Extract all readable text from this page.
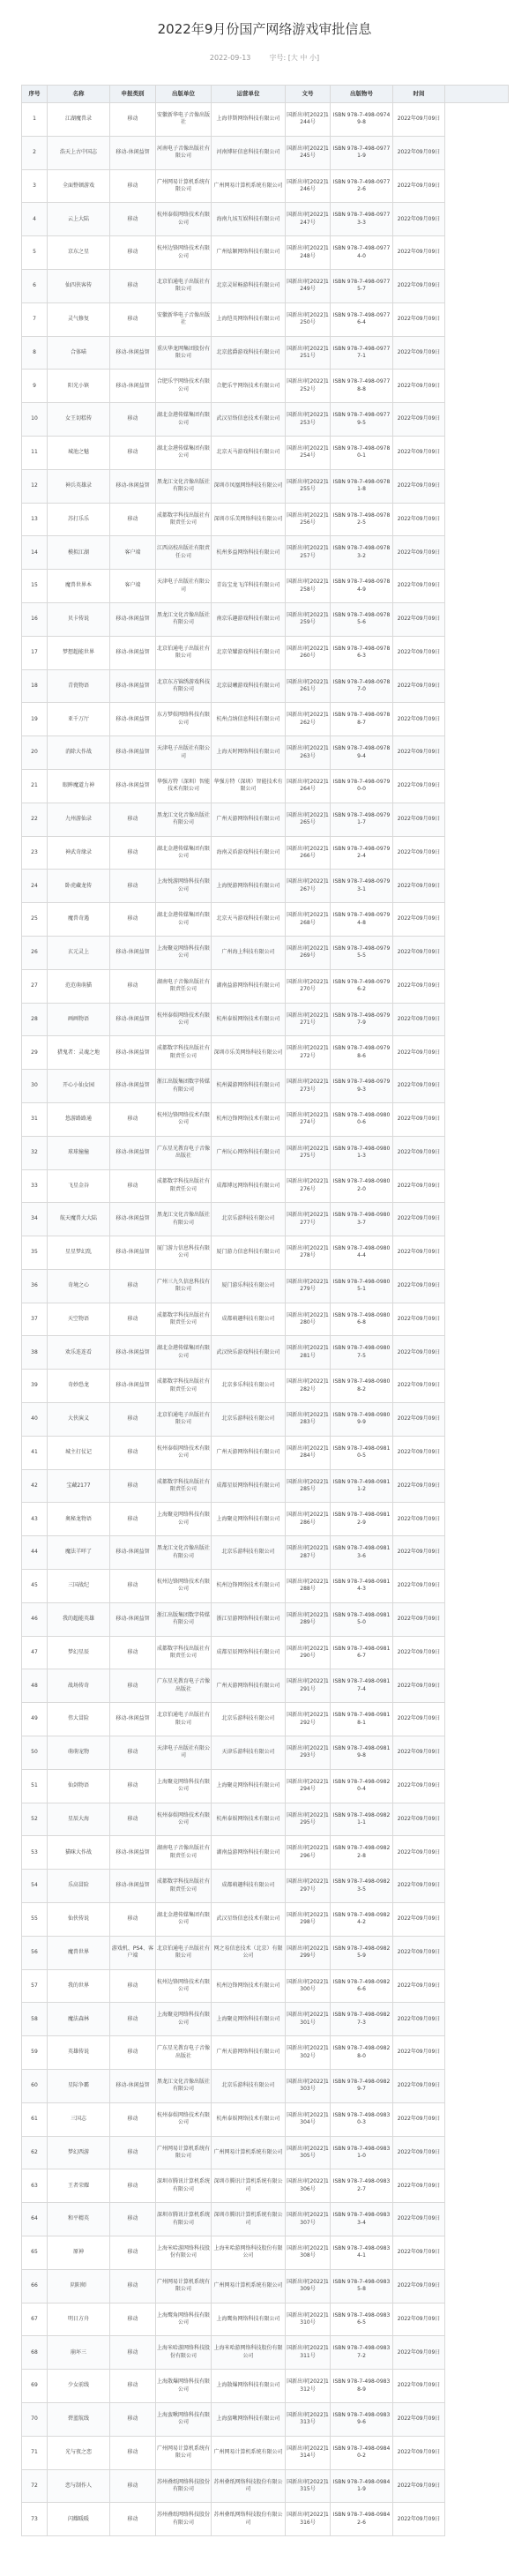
2022年9月份国产网络游戏审批信息
2022-09-13	字号: [大 中 小]
序号	名称	申报类别	出版单位	运营单位	文号	出版物号	时间	
1	江湖魔兽录	移动	安徽新华电子音像出版社	上海菲斯网络科技有限公司	国新出审[2022]1244号	ISBN 978-7-498-09749-8	2022年09月09日	
2	浩天上古中国志	移动-休闲益智	河南电子音像出版社有限公司	河南博轩信息科技有限公司	国新出审[2022]1245号	ISBN 978-7-498-09771-9	2022年09月09日	
3	全面整顿游戏	移动	广州网易计算机系统有限公司	广州网易计算机系统有限公司	国新出审[2022]1246号	ISBN 978-7-498-09772-6	2022年09月09日	
4	云上大陆	移动	杭州泰娱网络技术有限公司	海南九垓互娱科技有限公司	国新出审[2022]1247号	ISBN 978-7-498-09773-3	2022年09月09日	
5	京东之星	移动	杭州边锋网络技术有限公司	广州炫颖网络科技有限公司	国新出审[2022]1248号	ISBN 978-7-498-09774-0	2022年09月09日	
6	仙四侠客传	移动	北京伯通电子出版社有限公司	北京灵犀畅游科技有限公司	国新出审[2022]1249号	ISBN 978-7-498-09775-7	2022年09月09日	
7	灵气修复	移动	安徽新华电子音像出版社	上海恺英网络科技有限公司	国新出审[2022]1250号	ISBN 978-7-498-09776-4	2022年09月09日	
8	合体喵	移动-休闲益智	重庆华龙网集团股份有限公司	北京蓝爵游戏科技有限公司	国新出审[2022]1251号	ISBN 978-7-498-09777-1	2022年09月09日	
9	阳光小镇	移动-休闲益智	合肥乐宇网络技术有限公司	合肥乐宇网络技术有限公司	国新出审[2022]1252号	ISBN 978-7-498-09778-8	2022年09月09日	
10	女王切糕传	移动	湖北金港传媒集团有限公司	武汉星络信息技术有限公司	国新出审[2022]1253号	ISBN 978-7-498-09779-5	2022年09月09日	
11	城池之魅	移动	湖北金港传媒集团有限公司	北京天马游戏科技有限公司	国新出审[2022]1254号	ISBN 978-7-498-09780-1	2022年09月09日	
12	神兵英雄录	移动-休闲益智	黑龙江文化音像出版社有限公司	深圳市凤凰网络科技有限公司	国新出审[2022]1255号	ISBN 978-7-498-09781-8	2022年09月09日	
13	苏打乐乐	移动	成都数字科技出版社有限责任公司	深圳市乐美网络科技有限公司	国新出审[2022]1256号	ISBN 978-7-498-09782-5	2022年09月09日	
14	模拟江湖	客户端	江西高校出版社有限责任公司	杭州多益网络科技有限公司	国新出审[2022]1257号	ISBN 978-7-498-09783-2	2022年09月09日	
15	魔兽世界本	客户端	天津电子出版社有限公司	青岛宝龙飞洋科技有限公司	国新出审[2022]1258号	ISBN 978-7-498-09784-9	2022年09月09日	
16	贝卡传说	移动-休闲益智	黑龙江文化音像出版社有限公司	南京乐趣游戏科技有限公司	国新出审[2022]1259号	ISBN 978-7-498-09785-6	2022年09月09日	
17	梦想超能世界	移动-休闲益智	北京伯通电子出版社有限公司	北京荣耀游戏科技有限公司	国新出审[2022]1260号	ISBN 978-7-498-09786-3	2022年09月09日	
18	青瓷物语	移动-休闲益智	北京东方锦绣游戏科技有限公司	北京晨曦游戏科技有限公司	国新出审[2022]1261号	ISBN 978-7-498-09787-0	2022年09月09日	
19	亚千万厅	移动-休闲益智	东方梦娱网络科技有限公司	杭州点纳信息科技有限公司	国新出审[2022]1262号	ISBN 978-7-498-09788-7	2022年09月09日	
20	消除大作战	移动-休闲益智	天津电子出版社有限公司	上海天时网络科技有限公司	国新出审[2022]1263号	ISBN 978-7-498-09789-4	2022年09月09日	
21	眼眸魔道力神	移动-休闲益智	华强方特（深圳）智能技术有限公司	华强方特（深圳）智能技术有限公司	国新出审[2022]1264号	ISBN 978-7-498-09790-0	2022年09月09日	
22	九州游仙录	移动	黑龙江文化音像出版社有限公司	广州天游网络科技有限公司	国新出审[2022]1265号	ISBN 978-7-498-09791-7	2022年09月09日	
23	神武奇缘录	移动	湖北金港传媒集团有限公司	海南灵盾游戏科技有限公司	国新出审[2022]1266号	ISBN 978-7-498-09792-4	2022年09月09日	
24	卧虎藏龙传	移动	上海悦游网络科技有限公司	上海悦游网络科技有限公司	国新出审[2022]1267号	ISBN 978-7-498-09793-1	2022年09月09日	
25	魔兽奇遇	移动	湖北金港传媒集团有限公司	北京天马游戏科技有限公司	国新出审[2022]1268号	ISBN 978-7-498-09794-8	2022年09月09日	
26	玄元灵上	移动-休闲益智	上海聚竞网络科技有限公司	广州海上科技有限公司	国新出审[2022]1269号	ISBN 978-7-498-09795-5	2022年09月09日	
27	范范萌萌猫	移动	湖南电子音像出版社有限责任公司	湖南益游网络科技有限公司	国新出审[2022]1270号	ISBN 978-7-498-09796-2	2022年09月09日	
28	画画物语	移动-休闲益智	杭州泰娱网络技术有限公司	杭州泰娱网络技术有限公司	国新出审[2022]1271号	ISBN 978-7-498-09797-9	2022年09月09日	
29	猎鬼者：灵魂之地	移动-休闲益智	成都数字科技出版社有限责任公司	深圳市乐美网络科技有限公司	国新出审[2022]1272号	ISBN 978-7-498-09798-6	2022年09月09日	
30	开心小仙女园	移动-休闲益智	浙江出版集团数字传媒有限公司	杭州翼游网络科技有限公司	国新出审[2022]1273号	ISBN 978-7-498-09799-3	2022年09月09日	
31	悠游路路通	移动	杭州边锋网络技术有限公司	杭州边锋网络技术有限公司	国新出审[2022]1274号	ISBN 978-7-498-09800-6	2022年09月09日	
32	球球撞撞	移动-休闲益智	广东星光教育电子音像出版社	广州玩心网络科技有限公司	国新出审[2022]1275号	ISBN 978-7-498-09801-3	2022年09月09日	
33	飞星金谷	移动	成都数字科技出版社有限责任公司	成都博远网络科技有限公司	国新出审[2022]1276号	ISBN 978-7-498-09802-0	2022年09月09日	
34	航天魔兽大大陆	移动-休闲益智	黑龙江文化音像出版社有限公司	北京乐游科技有限公司	国新出审[2022]1277号	ISBN 978-7-498-09803-7	2022年09月09日	
35	星星梦幻乱	移动-休闲益智	厦门游力信息科技有限公司	厦门游力信息科技有限公司	国新出审[2022]1278号	ISBN 978-7-498-09804-4	2022年09月09日	
36	奇境之心	移动	广州三九久信息科技有限公司	厦门游乐科技有限公司	国新出审[2022]1279号	ISBN 978-7-498-09805-1	2022年09月09日	
37	天空物语	移动	成都数字科技出版社有限责任公司	成都萌趣科技有限公司	国新出审[2022]1280号	ISBN 978-7-498-09806-8	2022年09月09日	
38	欢乐连连看	移动-休闲益智	湖北金港传媒集团有限公司	武汉快乐游戏科技有限公司	国新出审[2022]1281号	ISBN 978-7-498-09807-5	2022年09月09日	
39	奇妙恐龙	移动-休闲益智	成都数字科技出版社有限责任公司	北京多乐科技有限公司	国新出审[2022]1282号	ISBN 978-7-498-09808-2	2022年09月09日	
40	大侠演义	移动	北京伯通电子出版社有限公司	北京乐游科技有限公司	国新出审[2022]1283号	ISBN 978-7-498-09809-9	2022年09月09日	
41	城主打仗记	移动	杭州泰娱网络技术有限公司	广州天游网络科技有限公司	国新出审[2022]1284号	ISBN 978-7-498-09810-5	2022年09月09日	
42	宝藏2177	移动	成都数字科技出版社有限责任公司	成都星辰网络科技有限公司	国新出审[2022]1285号	ISBN 978-7-498-09811-2	2022年09月09日	
43	奥秘龙物语	移动	上海聚竞网络科技有限公司	上海聚竞网络科技有限公司	国新出审[2022]1286号	ISBN 978-7-498-09812-9	2022年09月09日	
44	魔法羊咩了	移动-休闲益智	黑龙江文化音像出版社有限公司	北京乐游科技有限公司	国新出审[2022]1287号	ISBN 978-7-498-09813-6	2022年09月09日	
45	三国战纪	移动	杭州边锋网络技术有限公司	杭州边锋网络技术有限公司	国新出审[2022]1288号	ISBN 978-7-498-09814-3	2022年09月09日	
46	我的超能英雄	移动-休闲益智	浙江出版集团数字传媒有限公司	浙江星游网络科技有限公司	国新出审[2022]1289号	ISBN 978-7-498-09815-0	2022年09月09日	
47	梦幻星辰	移动	成都数字科技出版社有限责任公司	成都星辰网络科技有限公司	国新出审[2022]1290号	ISBN 978-7-498-09816-7	2022年09月09日	
48	战场传奇	移动	广东星光教育电子音像出版社	广州天游网络科技有限公司	国新出审[2022]1291号	ISBN 978-7-498-09817-4	2022年09月09日	
49	伟大冒险	移动-休闲益智	北京伯通电子出版社有限公司	北京乐游科技有限公司	国新出审[2022]1292号	ISBN 978-7-498-09818-1	2022年09月09日	
50	萌萌宠物	移动	天津电子出版社有限公司	天津乐游科技有限公司	国新出审[2022]1293号	ISBN 978-7-498-09819-8	2022年09月09日	
51	仙剑物语	移动	上海聚竞网络科技有限公司	上海聚竞网络科技有限公司	国新出审[2022]1294号	ISBN 978-7-498-09820-4	2022年09月09日	
52	星辰大海	移动	杭州泰娱网络技术有限公司	杭州泰娱网络技术有限公司	国新出审[2022]1295号	ISBN 978-7-498-09821-1	2022年09月09日	
53	猫咪大作战	移动-休闲益智	湖南电子音像出版社有限责任公司	湖南益游网络科技有限公司	国新出审[2022]1296号	ISBN 978-7-498-09822-8	2022年09月09日	
54	乐高冒险	移动-休闲益智	成都数字科技出版社有限责任公司	成都萌趣科技有限公司	国新出审[2022]1297号	ISBN 978-7-498-09823-5	2022年09月09日	
55	仙侠传说	移动	湖北金港传媒集团有限公司	武汉星络信息技术有限公司	国新出审[2022]1298号	ISBN 978-7-498-09824-2	2022年09月09日	
56	魔兽世界	游戏机、PS4、客户端	北京伯通电子出版社有限公司	网之易信息技术（北京）有限公司	国新出审[2022]1299号	ISBN 978-7-498-09825-9	2022年09月09日	
57	我的世界	移动	杭州边锋网络技术有限公司	杭州边锋网络技术有限公司	国新出审[2022]1300号	ISBN 978-7-498-09826-6	2022年09月09日	
58	魔法森林	移动	上海聚竞网络科技有限公司	上海聚竞网络科技有限公司	国新出审[2022]1301号	ISBN 978-7-498-09827-3	2022年09月09日	
59	英雄传说	移动	广东星光教育电子音像出版社	广州天游网络科技有限公司	国新出审[2022]1302号	ISBN 978-7-498-09828-0	2022年09月09日	
60	星际争霸	移动-休闲益智	黑龙江文化音像出版社有限公司	北京乐游科技有限公司	国新出审[2022]1303号	ISBN 978-7-498-09829-7	2022年09月09日	
61	三国志	移动	杭州泰娱网络技术有限公司	杭州泰娱网络技术有限公司	国新出审[2022]1304号	ISBN 978-7-498-09830-3	2022年09月09日	
62	梦幻西游	移动	广州网易计算机系统有限公司	广州网易计算机系统有限公司	国新出审[2022]1305号	ISBN 978-7-498-09831-0	2022年09月09日	
63	王者荣耀	移动	深圳市腾讯计算机系统有限公司	深圳市腾讯计算机系统有限公司	国新出审[2022]1306号	ISBN 978-7-498-09832-7	2022年09月09日	
64	和平精英	移动	深圳市腾讯计算机系统有限公司	深圳市腾讯计算机系统有限公司	国新出审[2022]1307号	ISBN 978-7-498-09833-4	2022年09月09日	
65	原神	移动	上海米哈游网络科技股份有限公司	上海米哈游网络科技股份有限公司	国新出审[2022]1308号	ISBN 978-7-498-09834-1	2022年09月09日	
66	阴阳师	移动	广州网易计算机系统有限公司	广州网易计算机系统有限公司	国新出审[2022]1309号	ISBN 978-7-498-09835-8	2022年09月09日	
67	明日方舟	移动	上海鹰角网络科技有限公司	上海鹰角网络科技有限公司	国新出审[2022]1310号	ISBN 978-7-498-09836-5	2022年09月09日	
68	崩坏三	移动	上海米哈游网络科技股份有限公司	上海米哈游网络科技股份有限公司	国新出审[2022]1311号	ISBN 978-7-498-09837-2	2022年09月09日	
69	少女前线	移动	上海散爆网络科技有限公司	上海散爆网络科技有限公司	国新出审[2022]1312号	ISBN 978-7-498-09838-9	2022年09月09日	
70	碧蓝航线	移动	上海蛮啾网络科技有限公司	上海蛮啾网络科技有限公司	国新出审[2022]1313号	ISBN 978-7-498-09839-6	2022年09月09日	
71	光与夜之恋	移动	广州网易计算机系统有限公司	广州网易计算机系统有限公司	国新出审[2022]1314号	ISBN 978-7-498-09840-2	2022年09月09日	
72	恋与制作人	移动	苏州叠纸网络科技股份有限公司	苏州叠纸网络科技股份有限公司	国新出审[2022]1315号	ISBN 978-7-498-09841-9	2022年09月09日	
73	闪耀暖暖	移动	苏州叠纸网络科技股份有限公司	苏州叠纸网络科技股份有限公司	国新出审[2022]1316号	ISBN 978-7-498-09842-6	2022年09月09日	
